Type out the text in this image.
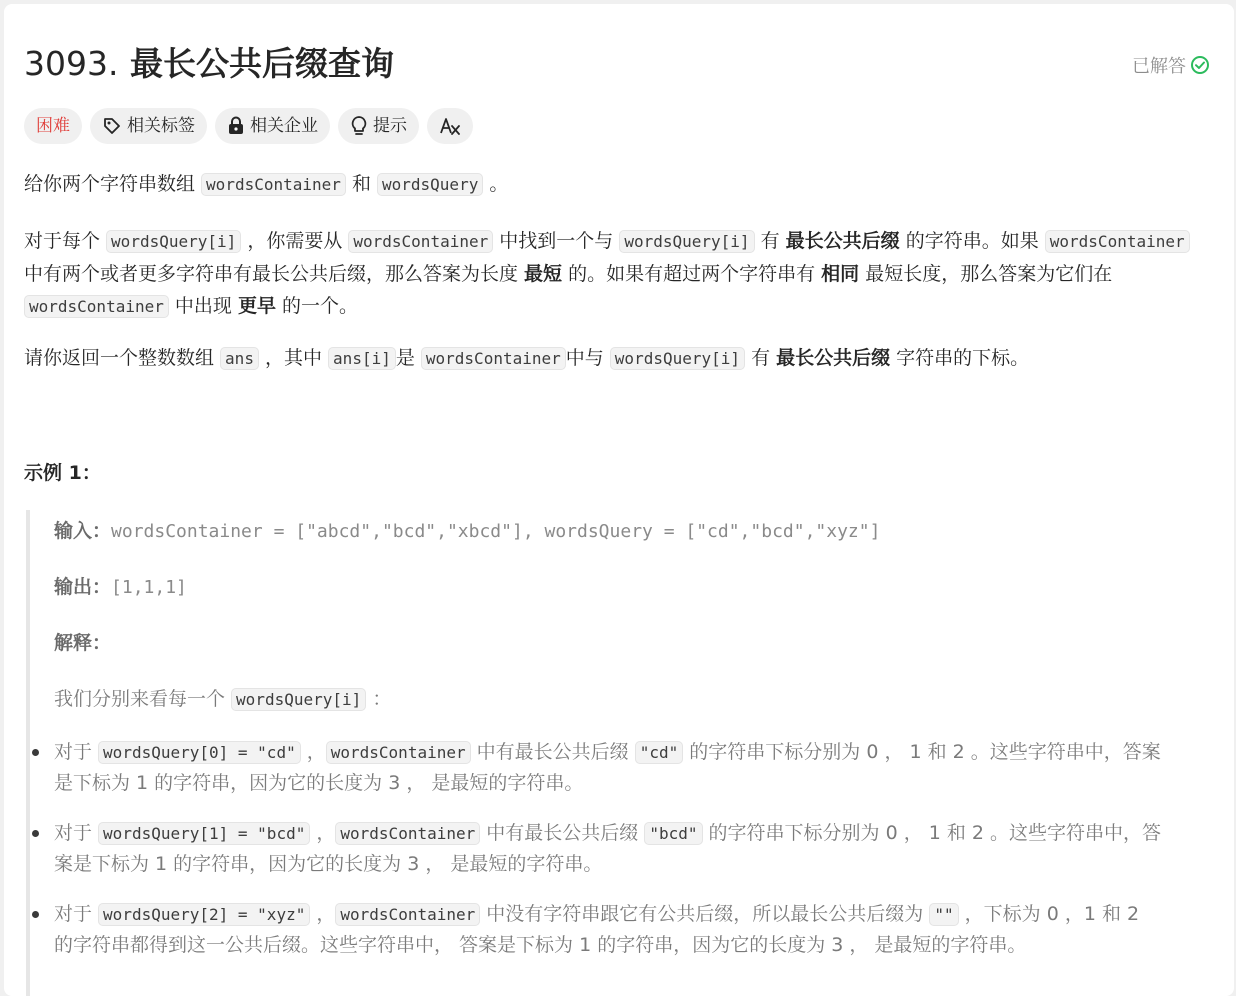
3093. 最长公共后缀查询	已解答
困难	相关标签	相关企业	提示

给你两个字符串数组 wordsContainer 和 wordsQuery 。

对于每个 wordsQuery[i] ，你需要从 wordsContainer 中找到一个与 wordsQuery[i] 有 最长公共后缀 的字符串。如果 wordsContainer 中有两个或者更多字符串有最长公共后缀，那么答案为长度 最短 的。如果有超过两个字符串有 相同 最短长度，那么答案为它们在 wordsContainer 中出现 更早 的一个。

请你返回一个整数数组 ans ，其中 ans[i] 是 wordsContainer 中与 wordsQuery[i] 有 最长公共后缀 字符串的下标。

示例 1：

输入：wordsContainer = ["abcd","bcd","xbcd"], wordsQuery = ["cd","bcd","xyz"]
输出：[1,1,1]
解释：
我们分别来看每一个 wordsQuery[i] ：
对于 wordsQuery[0] = "cd" ， wordsContainer 中有最长公共后缀 "cd" 的字符串下标分别为 0 ， 1 和 2 。这些字符串中，答案是下标为 1 的字符串，因为它的长度为 3 ， 是最短的字符串。
对于 wordsQuery[1] = "bcd" ， wordsContainer 中有最长公共后缀 "bcd" 的字符串下标分别为 0 ， 1 和 2 。这些字符串中，答案是下标为 1 的字符串，因为它的长度为 3 ， 是最短的字符串。
对于 wordsQuery[2] = "xyz" ， wordsContainer 中没有字符串跟它有公共后缀，所以最长公共后缀为 "" ，下标为 0 ，1 和 2 的字符串都得到这一公共后缀。这些字符串中， 答案是下标为 1 的字符串，因为它的长度为 3 ， 是最短的字符串。
